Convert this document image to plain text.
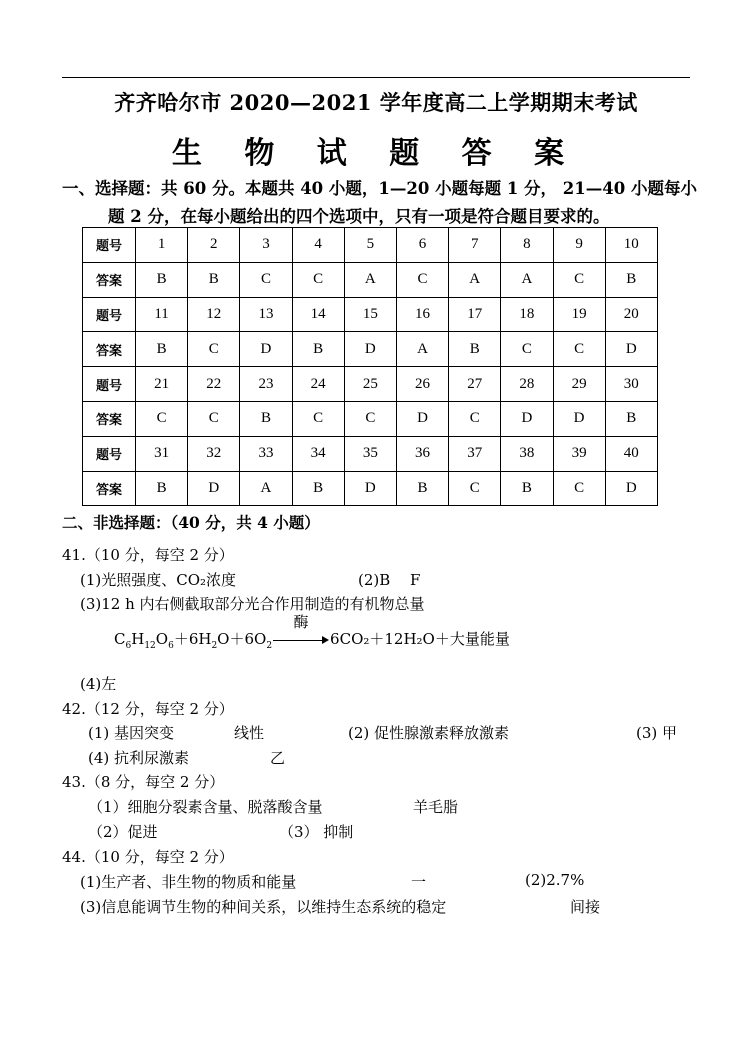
齐齐哈尔市 2020—2021 学年度高二上学期期末考试
生 物 试 题 答 案
一、选择题：共 60 分。本题共 40 小题，1—20 小题每题 1 分， 21—40 小题每小
题 2 分，在每小题给出的四个选项中，只有一项是符合题目要求的。
题号	1	2	3	4	5	6	7	8	9	10
答案	B	B	C	C	A	C	A	A	C	B
题号	11	12	13	14	15	16	17	18	19	20
答案	B	C	D	B	D	A	B	C	C	D
题号	21	22	23	24	25	26	27	28	29	30
答案	C	C	B	C	C	D	C	D	D	B
题号	31	32	33	34	35	36	37	38	39	40
答案	B	D	A	B	D	B	C	B	C	D
二、非选择题：（40 分，共 4 小题）
41.（10 分，每空 2 分）
(1)光照强度、CO₂浓度	(2)B　 F
(3)12 h 内右侧截取部分光合作用制造的有机物总量
$C_6H_{12}O_6+6H_2O+6O_2$
酶
6CO₂＋12H₂O＋大量能量
(4)左
42.（12 分，每空 2 分）
(1) 基因突变	线性	(2) 促性腺激素释放激素	(3) 甲
(4) 抗利尿激素	乙
43.（8 分，每空 2 分）
（1）细胞分裂素含量、脱落酸含量	羊毛脂
（2）促进	（3） 抑制
44.（10 分，每空 2 分）
(1)生产者、非生物的物质和能量	一	(2)2.7%
(3)信息能调节生物的种间关系，以维持生态系统的稳定	间接
